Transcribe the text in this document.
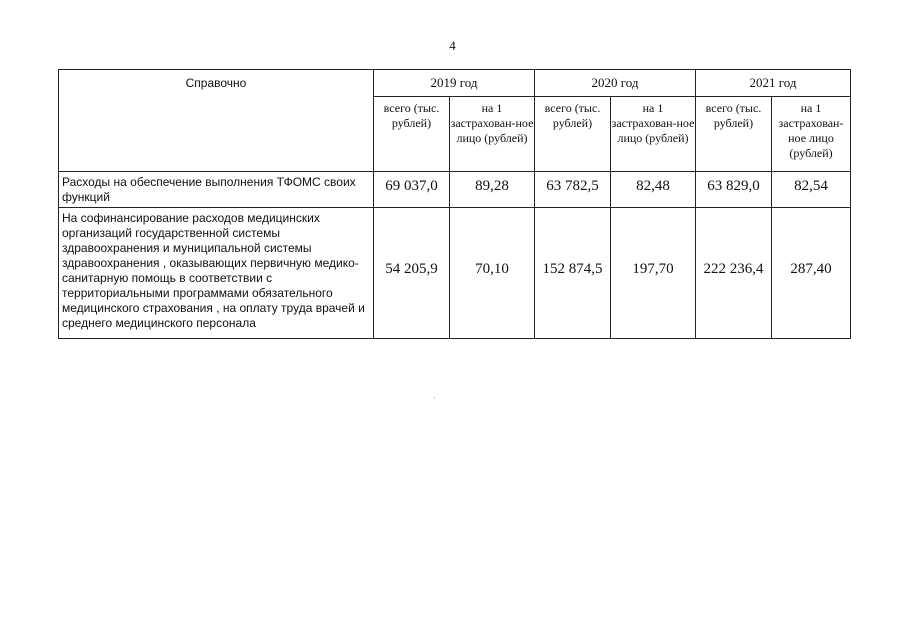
4
Справочно	2019 год		2020 год		2021 год	
	всего (тыс. рублей)	на 1 застрахован-ное лицо (рублей)	всего (тыс. рублей)	на 1 застрахован-ное лицо (рублей)	всего (тыс. рублей)	на 1 застрахован-ное лицо (рублей)
Расходы на обеспечение выполнения ТФОМС своих функций	69 037,0	89,28	63 782,5	82,48	63 829,0	82,54
На софинансирование расходов медицинских организаций государственной системы здравоохранения и муниципальной системы здравоохранения , оказывающих первичную медико-санитарную помощь в соответствии с территориальными программами обязательного медицинского страхования , на оплату труда врачей и среднего медицинского персонала	54 205,9	70,10	152 874,5	197,70	222 236,4	287,40
